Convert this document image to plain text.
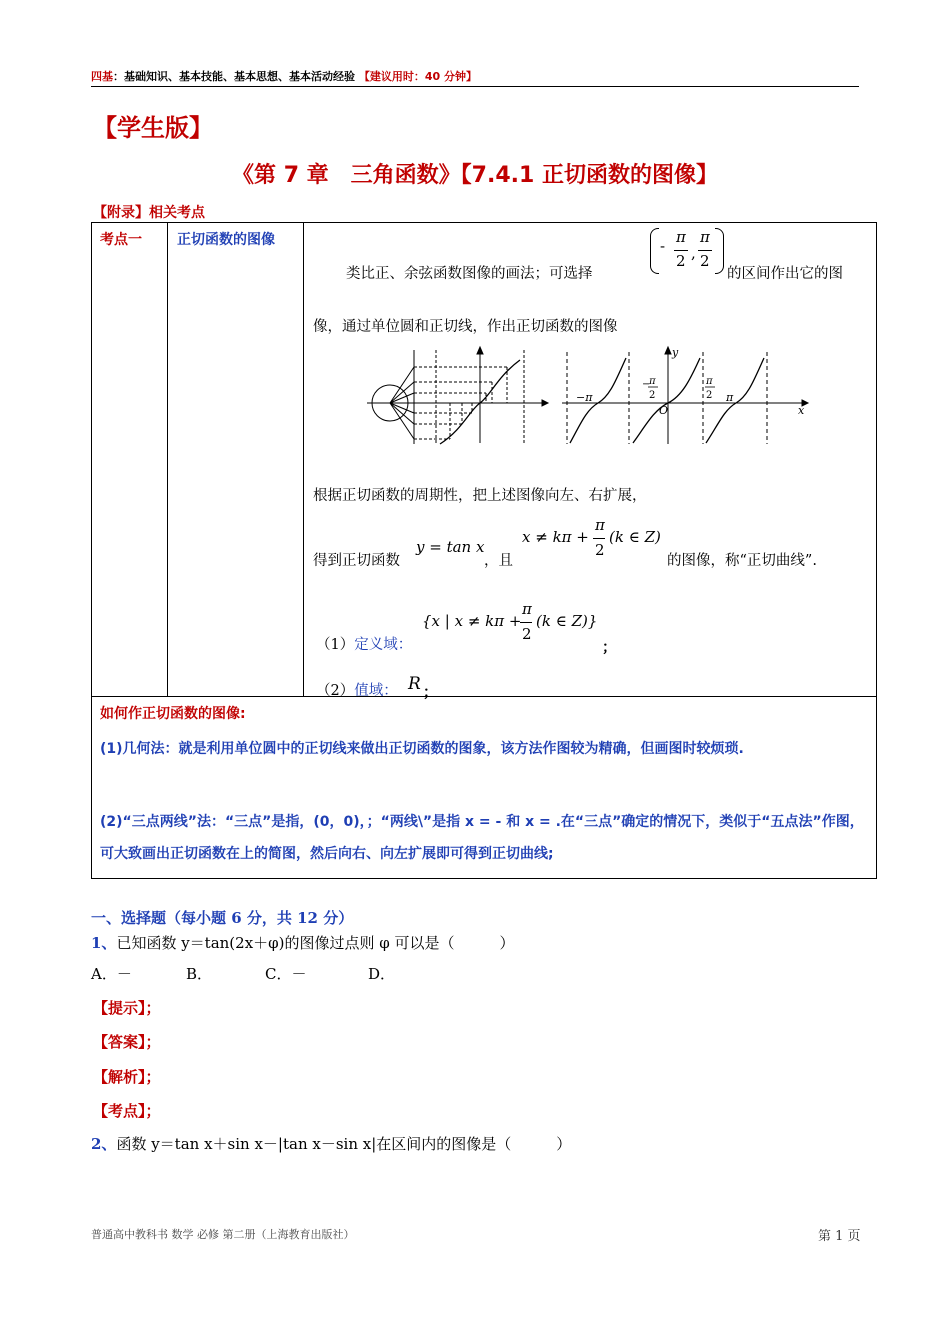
四基：基础知识、基本技能、基本思想、基本活动经验 【建议用时：40 分钟】
【学生版】
《第 7 章　三角函数》【7.4.1 正切函数的图像】
【附录】相关考点
考点一	正切函数的图像
类比正、余弦函数图像的画法；可选择
- π
2 ,
π
2
的区间作出它的图
像，通过单位圆和正切线，作出正切函数的图像
−π	π
−
π
2
π
2
O	x
y
根据正切函数的周期性，把上述图像向左、右扩展，
得到正切函数
y = tan x
，且
x ≠ kπ +
π
2
(k ∈ Z)
的图像，称“正切曲线”.
{x | x ≠ kπ +
π
2
(k ∈ Z)}
（1）定义域：	；
（2）值域： R ；
如何作正切函数的图像:
(1)几何法：就是利用单位圆中的正切线来做出正切函数的图象，该方法作图较为精确，但画图时较烦琐.
(2)“三点两线”法：“三点”是指，(0，0)，；“两线\”是指 x = - 和 x = .在“三点”确定的情况下，类似于“五点法”作图，可大致画出正切函数在上的简图，然后向右、向左扩展即可得到正切曲线;
一、选择题（每小题 6 分，共 12 分）
1、已知函数 y＝tan(2x＋φ)的图像过点则 φ 可以是（　　　）
A．－	B．	C．－	D．
【提示】；
【答案】；
【解析】；
【考点】；
2、函数 y＝tan x＋sin x－|tan x－sin x|在区间内的图像是（　　　）
普通高中教科书 数学 必修 第二册（上海教育出版社）	第 1 页
